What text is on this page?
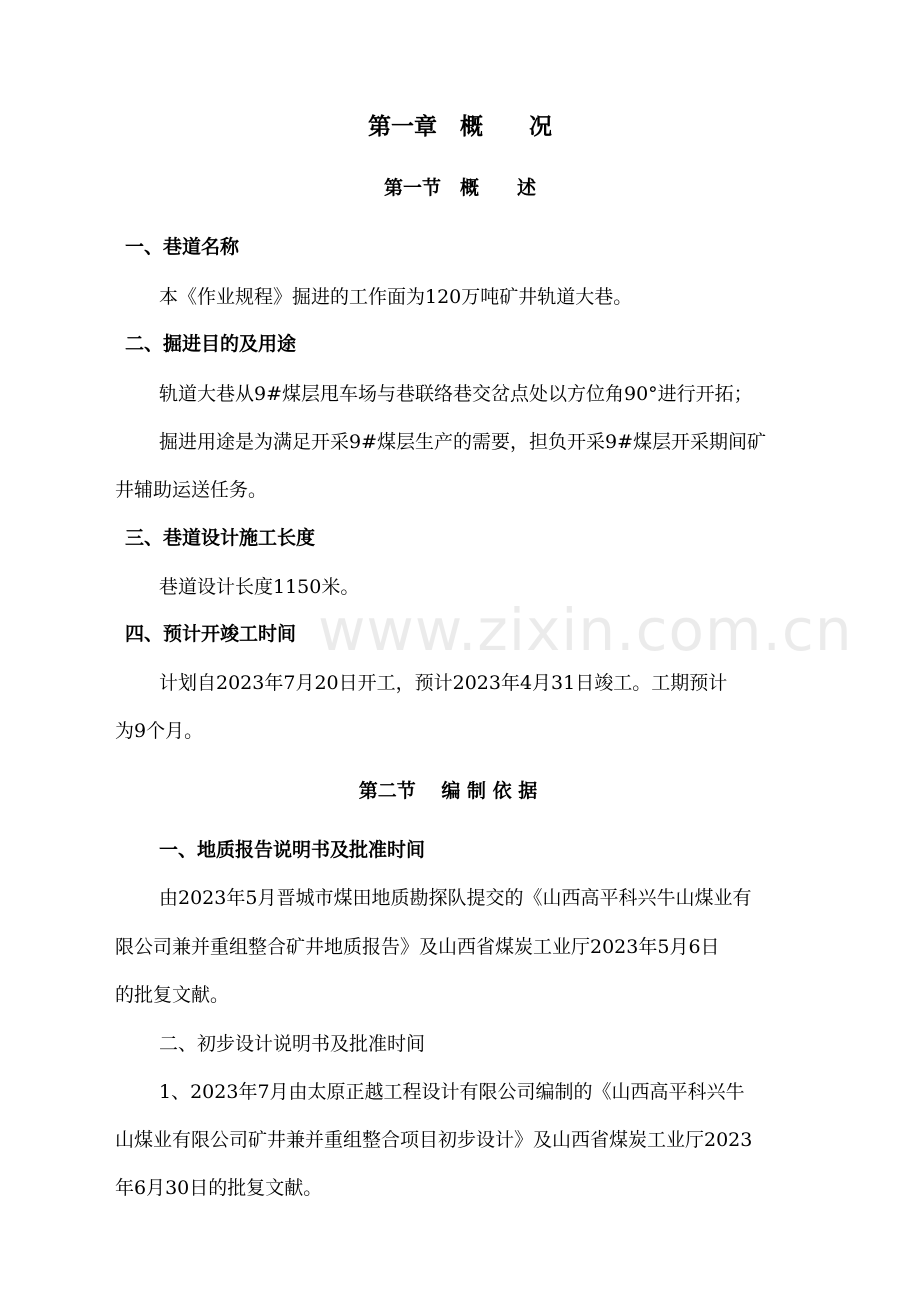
第一章　概　　况
第一节　概　　述
一、巷道名称
本《作业规程》掘进的工作面为120万吨矿井轨道大巷。
二、掘进目的及用途
轨道大巷从9#煤层甩车场与巷联络巷交岔点处以方位角90°进行开拓；
掘进用途是为满足开采9#煤层生产的需要，担负开采9#煤层开采期间矿
井辅助运送任务。
三、巷道设计施工长度
巷道设计长度1150米。
四、预计开竣工时间
计划自2023年7月20日开工，预计2023年4月31日竣工。工期预计
为9个月。
第二节　 编 制 依 据
一、地质报告说明书及批准时间
由2023年5月晋城市煤田地质勘探队提交的《山西高平科兴牛山煤业有
限公司兼并重组整合矿井地质报告》及山西省煤炭工业厅2023年5月6日
的批复文献。
二、初步设计说明书及批准时间
1、2023年7月由太原正越工程设计有限公司编制的《山西高平科兴牛
山煤业有限公司矿井兼并重组整合项目初步设计》及山西省煤炭工业厅2023
年6月30日的批复文献。
www.zixin.com.cn
